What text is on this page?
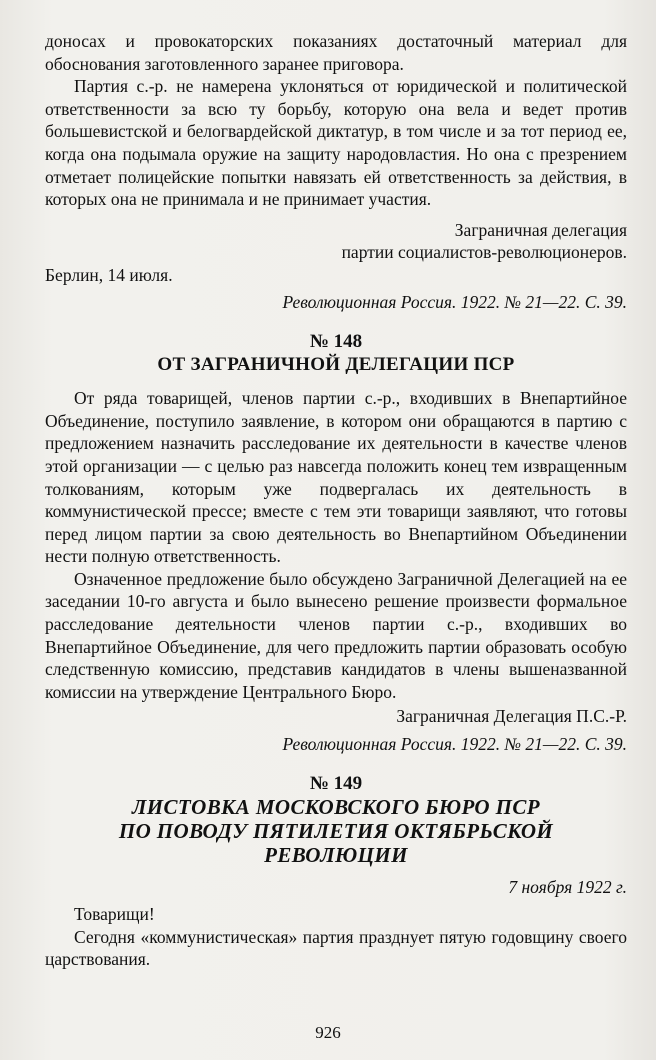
доносах и провокаторских показаниях достаточный материал для обоснования заготовленного заранее приговора.

Партия с.-р. не намерена уклоняться от юридической и политической ответственности за всю ту борьбу, которую она вела и ведет против большевистской и белогвардейской диктатур, в том числе и за тот период ее, когда она подымала оружие на защиту народовластия. Но она с презрением отметает полицейские попытки навязать ей ответственность за действия, в которых она не принимала и не принимает участия.

Заграничная делегация

партии социалистов-революционеров.

Берлин, 14 июля.

Революционная Россия. 1922. № 21—22. С. 39.

№ 148

ОТ ЗАГРАНИЧНОЙ ДЕЛЕГАЦИИ ПСР

От ряда товарищей, членов партии с.-р., входивших в Внепартийное Объединение, поступило заявление, в котором они обращаются в партию с предложением назначить расследование их деятельности в качестве членов этой организации — с целью раз навсегда положить конец тем извращенным толкованиям, которым уже подвергалась их деятельность в коммунистической прессе; вместе с тем эти товарищи заявляют, что готовы перед лицом партии за свою деятельность во Внепартийном Объединении нести полную ответственность.

Означенное предложение было обсуждено Заграничной Делегацией на ее заседании 10-го августа и было вынесено решение произвести формальное расследование деятельности членов партии с.-р., входивших во Внепартийное Объединение, для чего предложить партии образовать особую следственную комиссию, представив кандидатов в члены вышеназванной комиссии на утверждение Центрального Бюро.

Заграничная Делегация П.С.-Р.

Революционная Россия. 1922. № 21—22. С. 39.

№ 149

ЛИСТОВКА МОСКОВСКОГО БЮРО ПСР

ПО ПОВОДУ ПЯТИЛЕТИЯ ОКТЯБРЬСКОЙ РЕВОЛЮЦИИ

7 ноября 1922 г.

Товарищи!

Сегодня «коммунистическая» партия празднует пятую годовщину своего царствования.

926
